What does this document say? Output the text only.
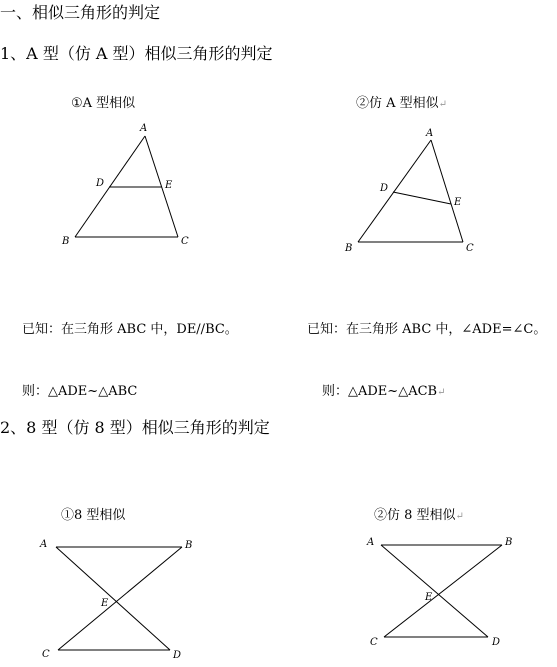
一、相似三角形的判定
1、A 型（仿 A 型）相似三角形的判定
①A 型相似	②仿 A 型相似↵
A
D	E
B	C
A
D
E
B	C
A	B
E
C	D
A	B
E
C	D
已知：在三角形 ABC 中，DE//BC。	已知：在三角形 ABC 中，∠ADE=∠C。
则：△ADE~△ABC	则：△ADE~△ACB↵
2、8 型（仿 8 型）相似三角形的判定
①8 型相似	②仿 8 型相似↵
